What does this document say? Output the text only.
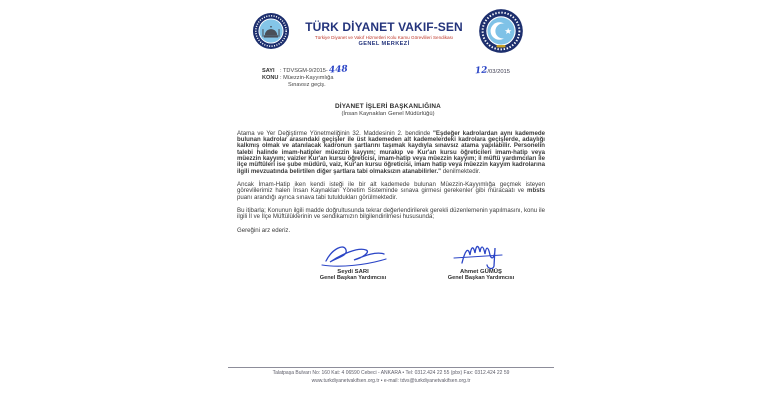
TÜRK DİYANET VAKIF-SEN
Türkiye Diyanet ve Vakıf Hizmetleri Kolu Kamu Görevlileri Sendikası
GENEL MERKEZİ
SAYI : TDVSGM-9/2015- 448
KONU : Müezzin-Kayyımlığa
Sınavsız geçiş.
12/03/2015
DİYANET İŞLERİ BAŞKANLIĞINA
(İnsan Kaynakları Genel Müdürlüğü)

Atama ve Yer Değiştirme Yönetmeliğinin 32. Maddesinin 2. bendinde "Eşdeğer kadrolardan aynı kademede bulunan kadrolar arasındaki geçişler ile üst kademeden alt kademelerdeki kadrolara geçişlerde, adaylığı kalkmış olmak ve atanılacak kadronun şartlarını taşımak kaydıyla sınavsız atama yapılabilir. Personelin talebi halinde imam-hatipler müezzin kayyım; murakıp ve Kur'an kursu öğreticileri imam-hatip veya müezzin kayyım; vaizler Kur'an kursu öğreticisi, imam-hatip veya müezzin kayyım; il müftü yardımcıları ile ilçe müftüleri ise şube müdürü, vaiz, Kur'an kursu öğreticisi, imam hatip veya müezzin kayyım kadrolarına ilgili mevzuatında belirtilen diğer şartlara tabi olmaksızın atanabilirler." denilmektedir.

Ancak İmam-Hatip iken kendi isteği ile bir alt kademede bulunan Müezzin-Kayyımlığa geçmek isteyen görevlilerimiz halen İnsan Kaynakları Yönetim Sisteminde sınava girmesi gerekenler gibi müracaatı ve mbsts puanı arandığı ayrıca sınava tabi tutuldukları görülmektedir.

Bu itibarla; Konunun ilgili madde doğrultusunda tekrar değerlendirilerek gerekli düzenlemenin yapılmasını, konu ile ilgili İl ve İlçe Müftülüklerinin ve sendikamızın bilgilendirilmesi hususunda;

Gereğini arz ederiz.

Seydi SARI
Genel Başkan Yardımcısı
Ahmet GÜMÜŞ
Genel Başkan Yardımcısı
Talatpaşa Bulvarı No: 160 Kat: 4 06590 Cebeci - ANKARA • Tel: 0312.424 22 55 (pbx) Fax: 0312.424 22 59
www.turkdiyanetvakifsen.org.tr • e-mail: tdvs@turkdiyanetvakifsen.org.tr
